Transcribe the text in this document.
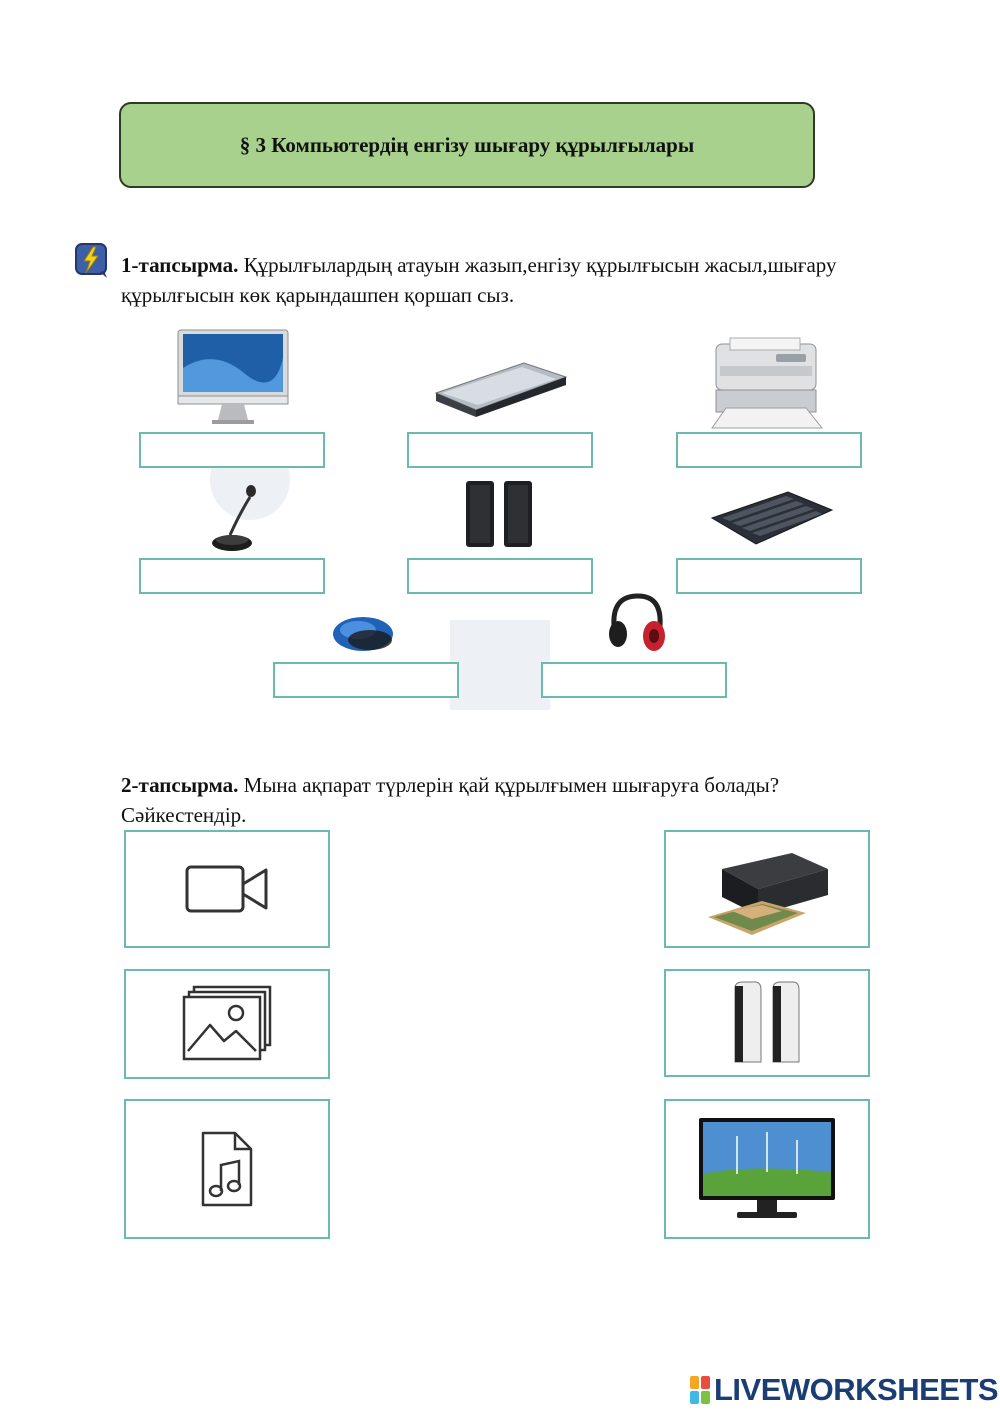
§ 3 Компьютердің енгізу шығару құрылғылары
1-тапсырма. Құрылғылардың атауын жазып,енгізу құрылғысын жасыл,шығару құрылғысын көк қарындашпен қоршап сыз.
2-тапсырма. Мына ақпарат түрлерін қай құрылғымен шығаруға болады? Сәйкестендір.
LIVEWORKSHEETS
